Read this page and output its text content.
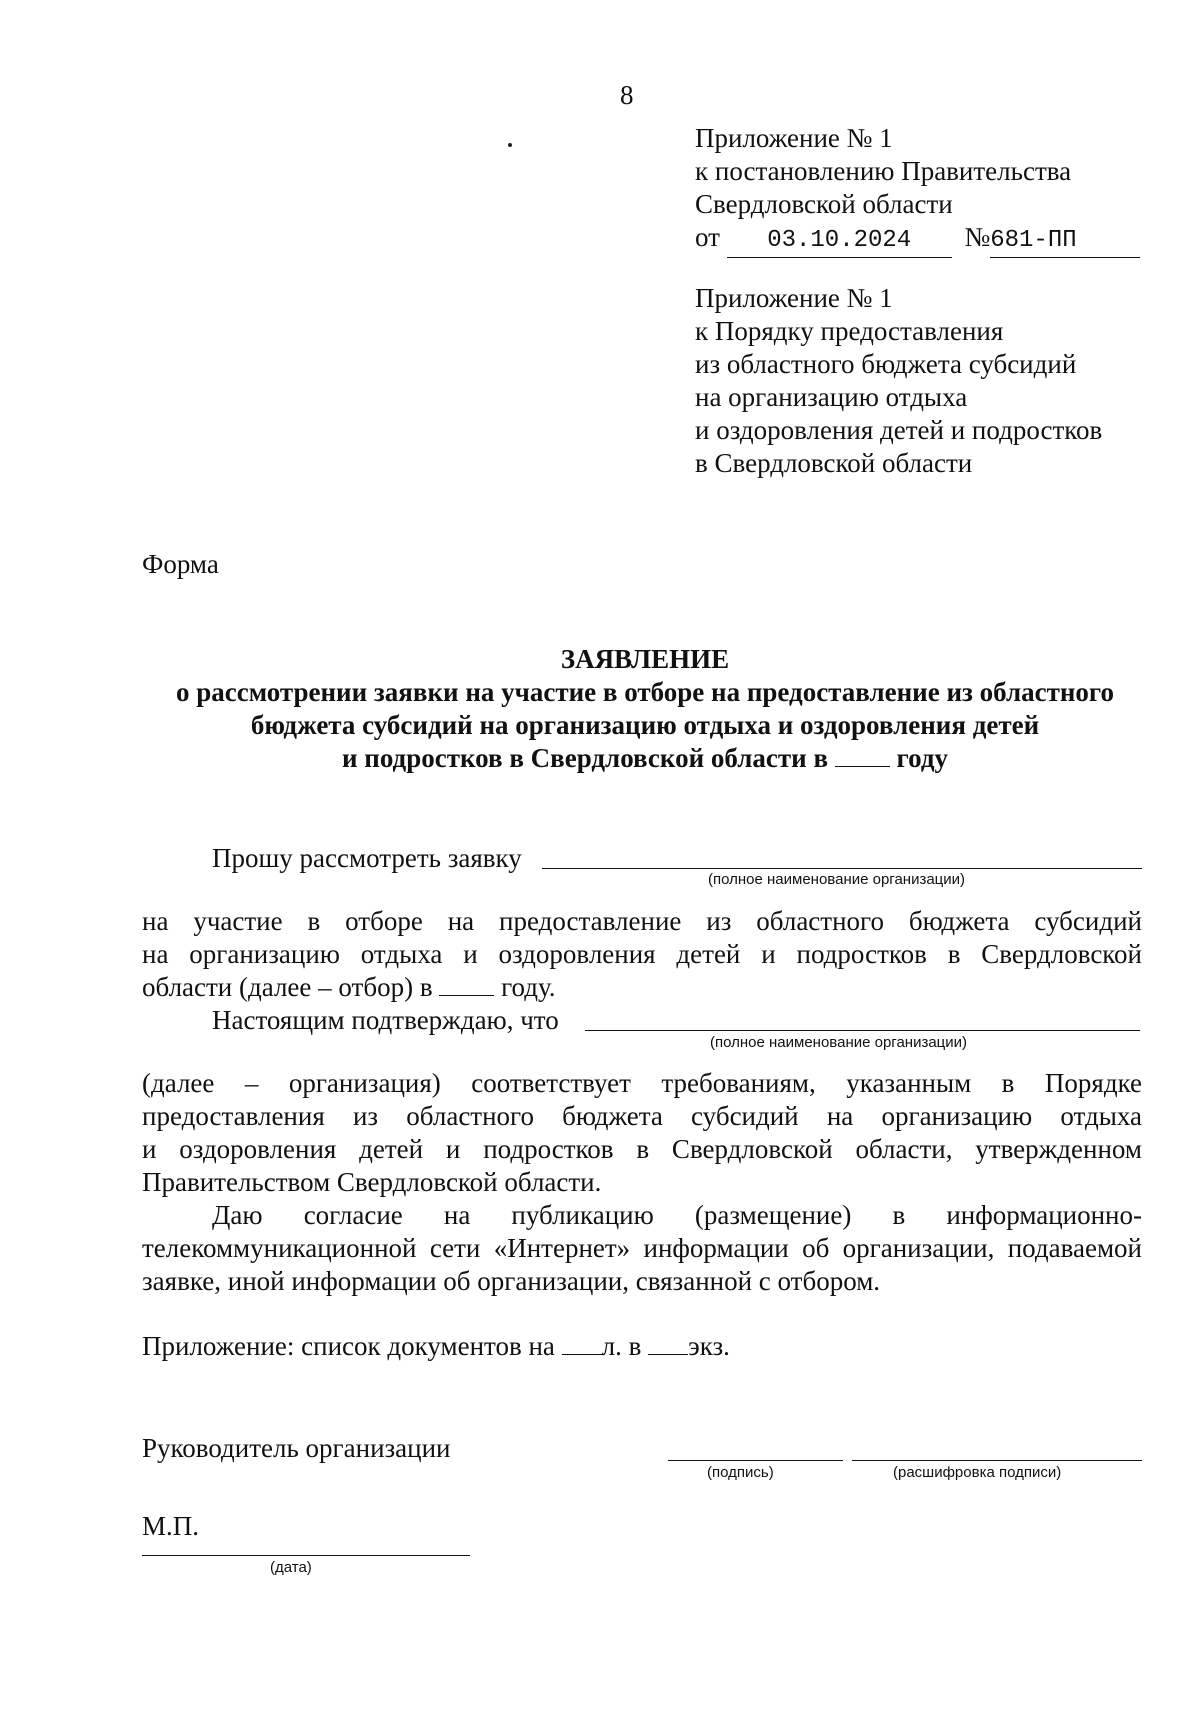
8
Приложение № 1
к постановлению Правительства
Свердловской области
от 03.10.2024 №681-ПП
Приложение № 1
к Порядку предоставления
из областного бюджета субсидий
на организацию отдыха
и оздоровления детей и подростков
в Свердловской области
Форма
ЗАЯВЛЕНИЕ
о рассмотрении заявки на участие в отборе на предоставление из областного
бюджета субсидий на организацию отдыха и оздоровления детей
и подростков в Свердловской области в	году
Прошу рассмотреть заявку
(полное наименование организации)
на участие в отборе на предоставление из областного бюджета субсидий
на организацию отдыха и оздоровления детей и подростков в Свердловской
области (далее – отбор) в	году.
Настоящим подтверждаю, что
(полное наименование организации)
(далее – организация) соответствует требованиям, указанным в Порядке
предоставления из областного бюджета субсидий на организацию отдыха
и оздоровления детей и подростков в Свердловской области, утвержденном
Правительством Свердловской области.
Даю согласие на публикацию (размещение) в информационно-
телекоммуникационной сети «Интернет» информации об организации, подаваемой
заявке, иной информации об организации, связанной с отбором.
Приложение: список документов на л. в экз.
Руководитель организации
(подпись)	(расшифровка подписи)
М.П.
(дата)
